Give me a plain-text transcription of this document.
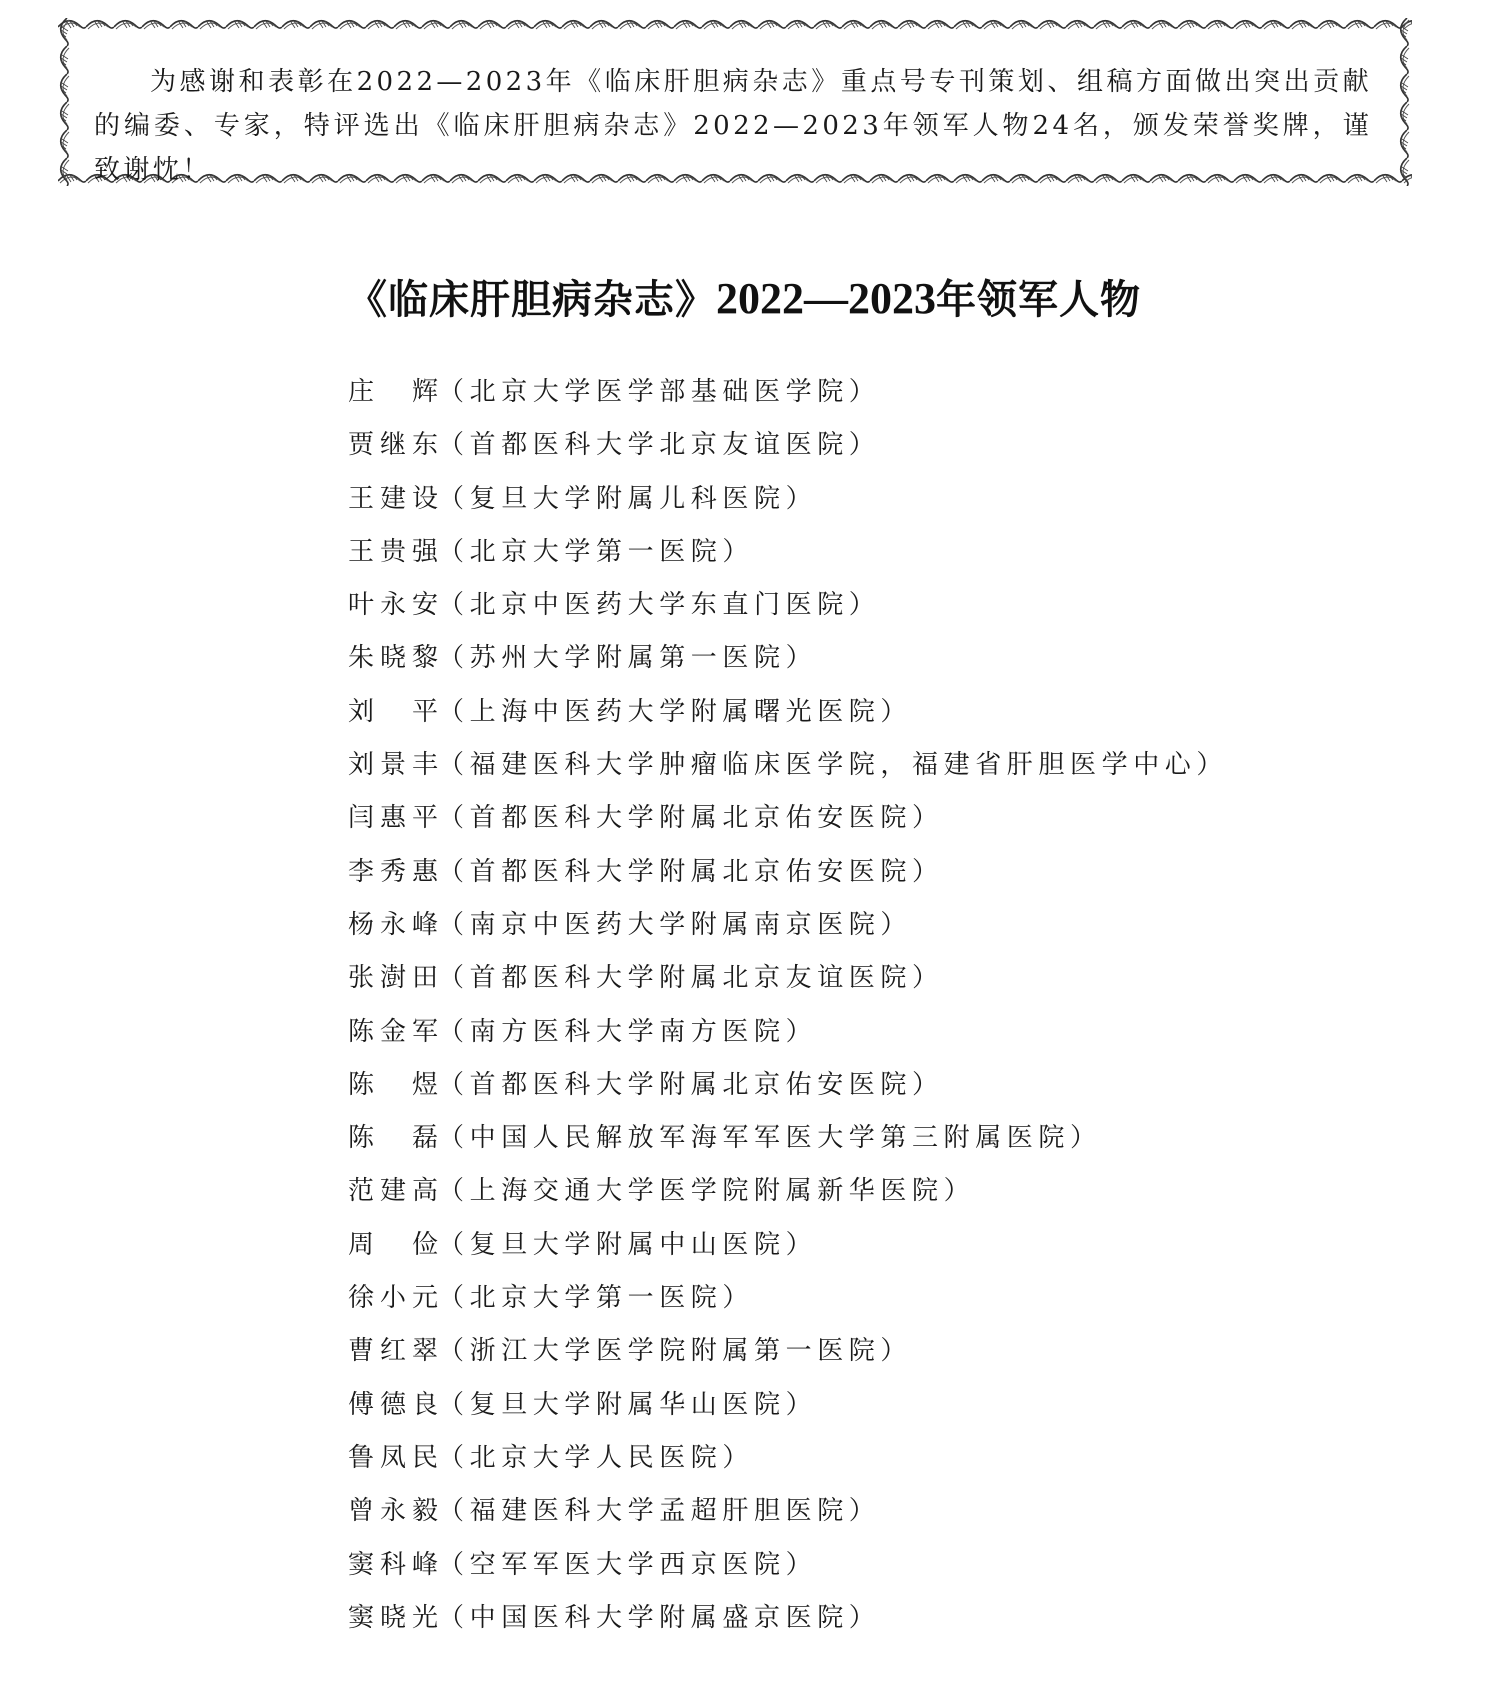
为感谢和表彰在2022—2023年《临床肝胆病杂志》重点号专刊策划、组稿方面做出突出贡献的编委、专家，特评选出《临床肝胆病杂志》2022—2023年领军人物24名，颁发荣誉奖牌，谨致谢忱！

《临床肝胆病杂志》2022—2023年领军人物
庄　辉（北京大学医学部基础医学院）
贾继东（首都医科大学北京友谊医院）
王建设（复旦大学附属儿科医院）
王贵强（北京大学第一医院）
叶永安（北京中医药大学东直门医院）
朱晓黎（苏州大学附属第一医院）
刘　平（上海中医药大学附属曙光医院）
刘景丰（福建医科大学肿瘤临床医学院，福建省肝胆医学中心）
闫惠平（首都医科大学附属北京佑安医院）
李秀惠（首都医科大学附属北京佑安医院）
杨永峰（南京中医药大学附属南京医院）
张澍田（首都医科大学附属北京友谊医院）
陈金军（南方医科大学南方医院）
陈　煜（首都医科大学附属北京佑安医院）
陈　磊（中国人民解放军海军军医大学第三附属医院）
范建高（上海交通大学医学院附属新华医院）
周　俭（复旦大学附属中山医院）
徐小元（北京大学第一医院）
曹红翠（浙江大学医学院附属第一医院）
傅德良（复旦大学附属华山医院）
鲁凤民（北京大学人民医院）
曾永毅（福建医科大学孟超肝胆医院）
窦科峰（空军军医大学西京医院）
窦晓光（中国医科大学附属盛京医院）
